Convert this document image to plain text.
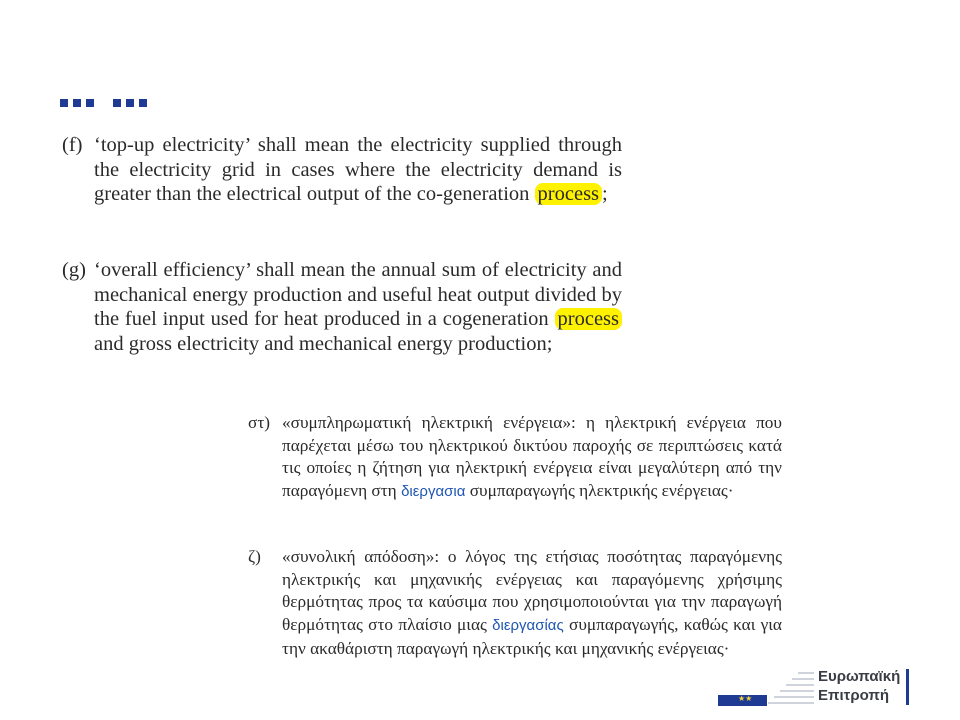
(f) ‘top-up electricity’ shall mean the electricity supplied through the electricity grid in cases where the electricity demand is greater than the electrical output of the co-generation process ;
(g) ‘overall efficiency’ shall mean the annual sum of electricity and mechanical energy production and useful heat output divided by the fuel input used for heat produced in a cogeneration process and gross electricity and mechanical energy production;
στ) «συμπληρωματική ηλεκτρική ενέργεια»: η ηλεκτρική ενέργεια που παρέχεται μέσω του ηλεκτρικού δικτύου παροχής σε περιπτώσεις κατά τις οποίες η ζήτηση για ηλεκτρική ενέργεια είναι μεγαλύτερη από την παραγόμενη στη διεργασια συμπαραγωγής ηλεκτρικής ενέργειας·
ζ)	«συνολική απόδοση»: ο λόγος της ετήσιας ποσότητας παραγόμενης ηλεκτρικής και μηχανικής ενέργειας και παραγόμενης χρήσιμης θερμότητας προς τα καύσιμα που χρησιμοποιούνται για την παραγωγή θερμότητας στο πλαίσιο μιας διεργασίας συμπαραγωγής, καθώς και για την ακαθάριστη παραγωγή ηλεκτρικής και μηχανικής ενέργειας·
★★
Ευρωπαϊκή
Επιτροπή
